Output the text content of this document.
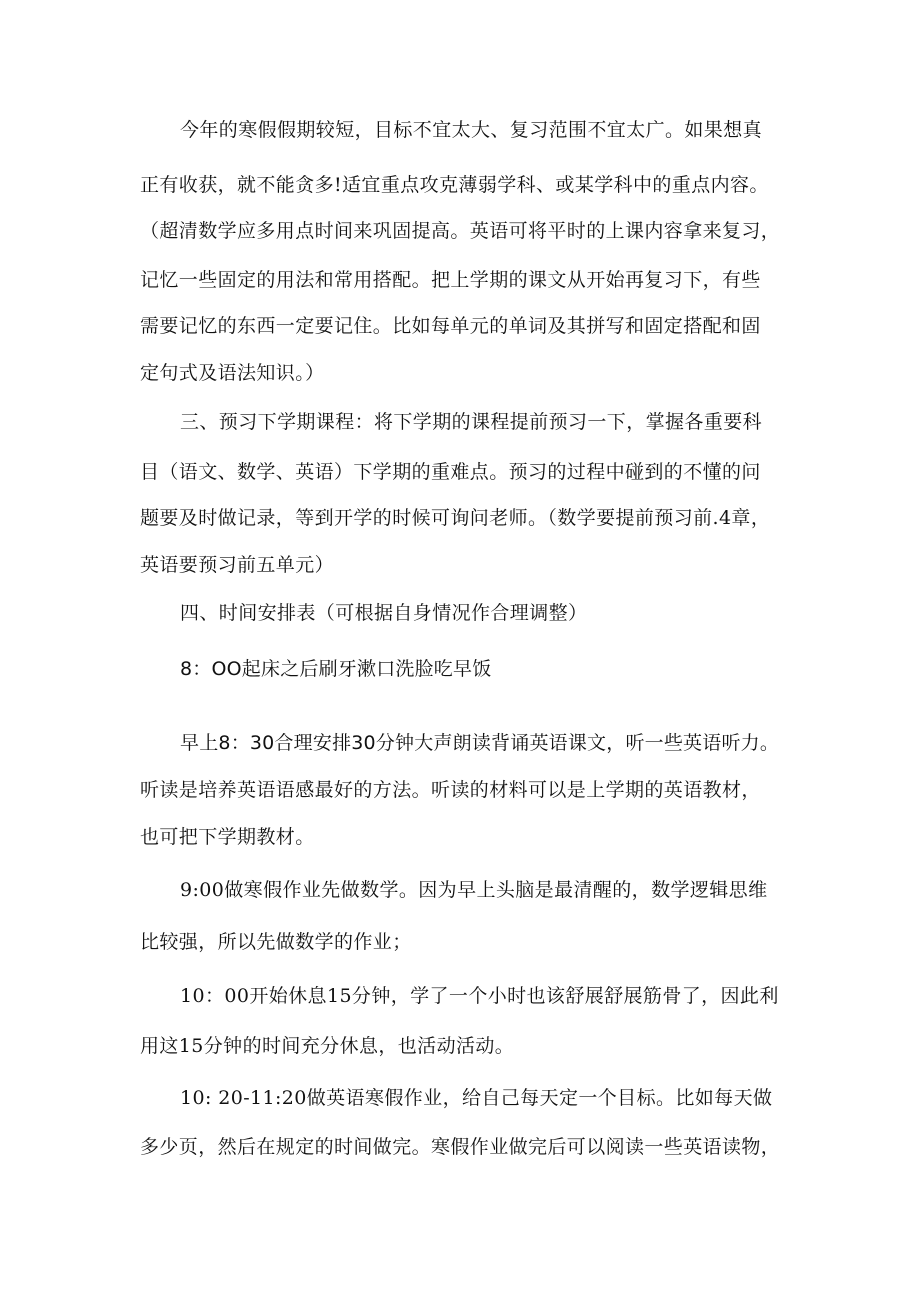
今年的寒假假期较短，目标不宜太大、复习范围不宜太广。如果想真
正有收获，就不能贪多!适宜重点攻克薄弱学科、或某学科中的重点内容。
（超清数学应多用点时间来巩固提高。英语可将平时的上课内容拿来复习，
记忆一些固定的用法和常用搭配。把上学期的课文从开始再复习下，有些
需要记忆的东西一定要记住。比如每单元的单词及其拼写和固定搭配和固
定句式及语法知识。）
三、预习下学期课程：将下学期的课程提前预习一下，掌握各重要科
目（语文、数学、英语）下学期的重难点。预习的过程中碰到的不懂的问
题要及时做记录，等到开学的时候可询问老师。（数学要提前预习前.4章，
英语要预习前五单元）
四、时间安排表（可根据自身情况作合理调整）
8：OO起床之后刷牙漱口洗脸吃早饭
早上8：30合理安排30分钟大声朗读背诵英语课文，听一些英语听力。
听读是培养英语语感最好的方法。听读的材料可以是上学期的英语教材，
也可把下学期教材。
9:00做寒假作业先做数学。因为早上头脑是最清醒的，数学逻辑思维
比较强，所以先做数学的作业；
10：00开始休息15分钟，学了一个小时也该舒展舒展筋骨了，因此利
用这15分钟的时间充分休息，也活动活动。
10: 20-11:20做英语寒假作业，给自己每天定一个目标。比如每天做
多少页，然后在规定的时间做完。寒假作业做完后可以阅读一些英语读物，
